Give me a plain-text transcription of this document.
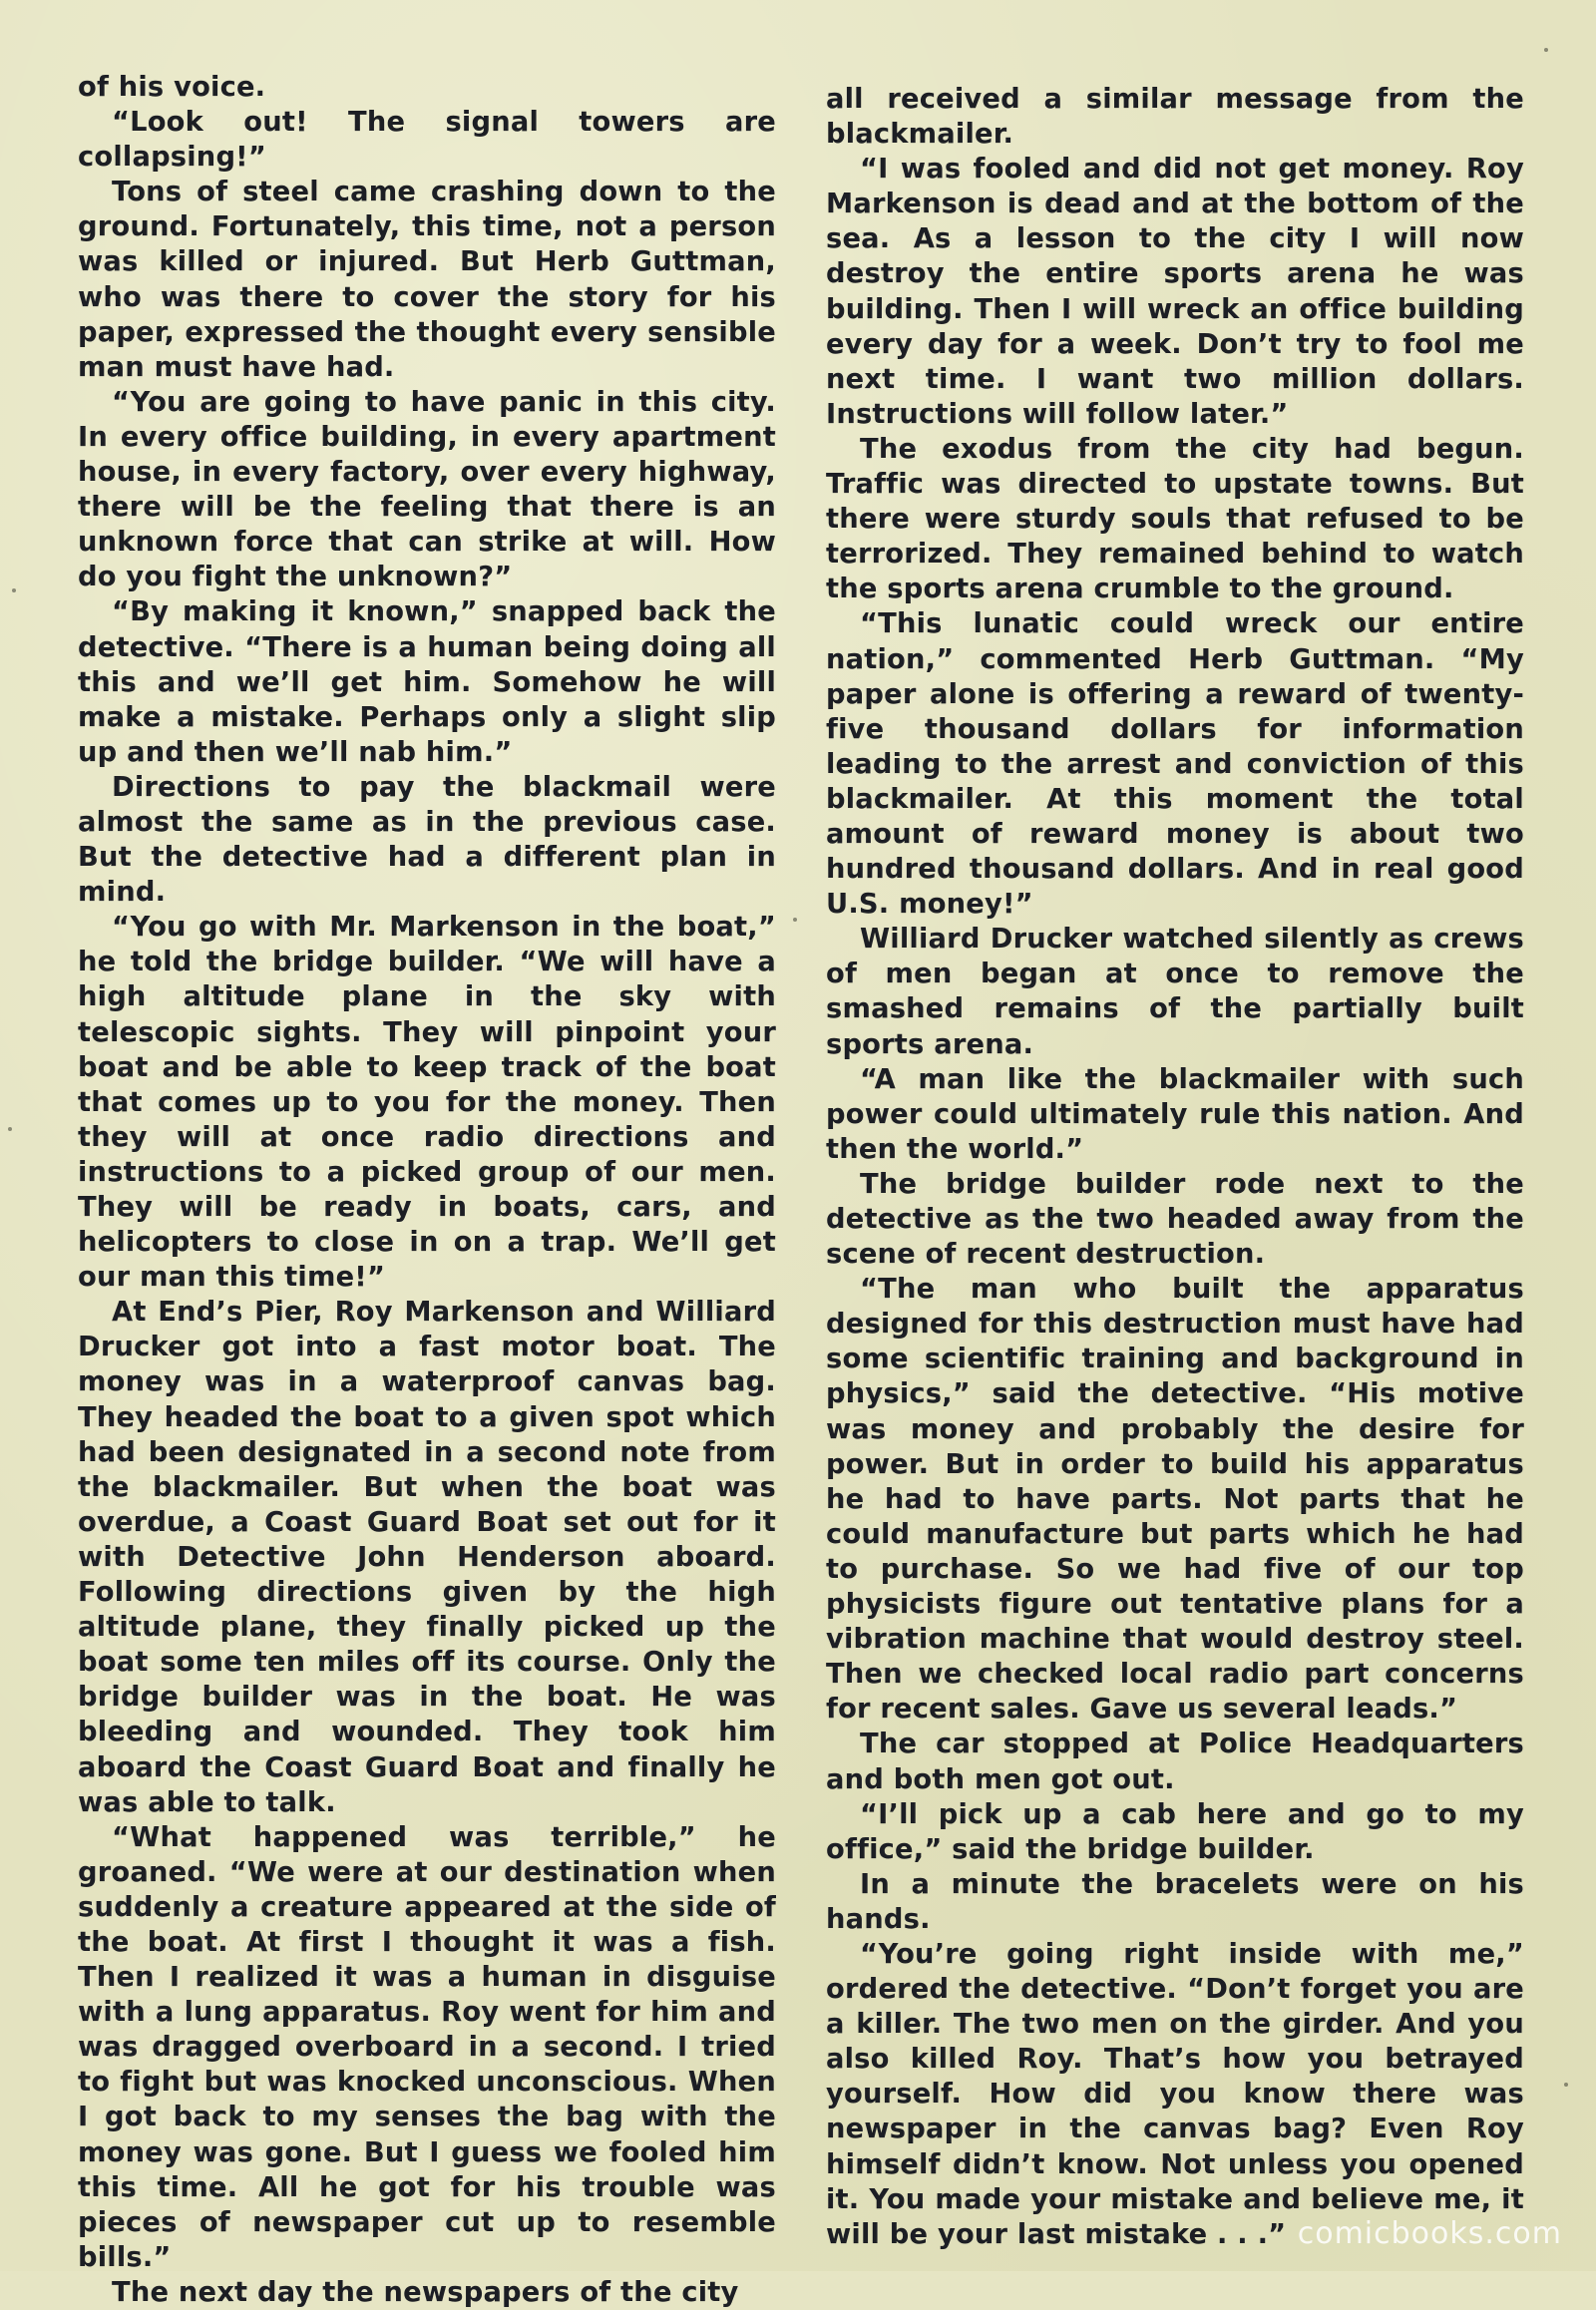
of his voice.

“Look out! The signal towers are collapsing!”

Tons of steel came crashing down to the ground. Fortunately, this time, not a person was killed or injured. But Herb Guttman, who was there to cover the story for his paper, expressed the thought every sensible man must have had.

“You are going to have panic in this city. In every office building, in every apartment house, in every factory, over every highway, there will be the feeling that there is an unknown force that can strike at will. How do you fight the unknown?”

“By making it known,” snapped back the detective. “There is a human being doing all this and we’ll get him. Somehow he will make a mistake. Perhaps only a slight slip up and then we’ll nab him.”

Directions to pay the blackmail were almost the same as in the previous case. But the detective had a different plan in mind.

“You go with Mr. Markenson in the boat,” he told the bridge builder. “We will have a high altitude plane in the sky with telescopic sights. They will pinpoint your boat and be able to keep track of the boat that comes up to you for the money. Then they will at once radio directions and instructions to a picked group of our men. They will be ready in boats, cars, and helicopters to close in on a trap. We’ll get our man this time!”

At End’s Pier, Roy Markenson and Williard Drucker got into a fast motor boat. The money was in a waterproof canvas bag. They headed the boat to a given spot which had been designated in a second note from the blackmailer. But when the boat was overdue, a Coast Guard Boat set out for it with Detective John Henderson aboard. Following directions given by the high altitude plane, they finally picked up the boat some ten miles off its course. Only the bridge builder was in the boat. He was bleeding and wounded. They took him aboard the Coast Guard Boat and finally he was able to talk.

“What happened was terrible,” he groaned. “We were at our destination when suddenly a creature appeared at the side of the boat. At first I thought it was a fish. Then I realized it was a human in disguise with a lung apparatus. Roy went for him and was dragged overboard in a second. I tried to fight but was knocked unconscious. When I got back to my senses the bag with the money was gone. But I guess we fooled him this time. All he got for his trouble was pieces of newspaper cut up to resemble bills.”

The next day the newspapers of the city

all received a similar message from the blackmailer.

“I was fooled and did not get money. Roy Markenson is dead and at the bottom of the sea. As a lesson to the city I will now destroy the entire sports arena he was building. Then I will wreck an office building every day for a week. Don’t try to fool me next time. I want two million dollars. Instructions will follow later.”

The exodus from the city had begun. Traffic was directed to upstate towns. But there were sturdy souls that refused to be terrorized. They remained behind to watch the sports arena crumble to the ground.

“This lunatic could wreck our entire nation,” commented Herb Guttman. “My paper alone is offering a reward of twenty-five thousand dollars for information leading to the arrest and conviction of this blackmailer. At this moment the total amount of reward money is about two hundred thousand dollars. And in real good U.S. money!”

Williard Drucker watched silently as crews of men began at once to remove the smashed remains of the partially built sports arena.

“A man like the blackmailer with such power could ultimately rule this nation. And then the world.”

The bridge builder rode next to the detective as the two headed away from the scene of recent destruction.

“The man who built the apparatus designed for this destruction must have had some scientific training and background in physics,” said the detective. “His motive was money and probably the desire for power. But in order to build his apparatus he had to have parts. Not parts that he could manufacture but parts which he had to purchase. So we had five of our top physicists figure out tentative plans for a vibration machine that would destroy steel. Then we checked local radio part concerns for recent sales. Gave us several leads.”

The car stopped at Police Headquarters and both men got out.

“I’ll pick up a cab here and go to my office,” said the bridge builder.

In a minute the bracelets were on his hands.

“You’re going right inside with me,” ordered the detective. “Don’t forget you are a killer. The two men on the girder. And you also killed Roy. That’s how you betrayed yourself. How did you know there was newspaper in the canvas bag? Even Roy himself didn’t know. Not unless you opened it. You made your mistake and believe me, it will be your last mistake . . .” comicbooks.com
